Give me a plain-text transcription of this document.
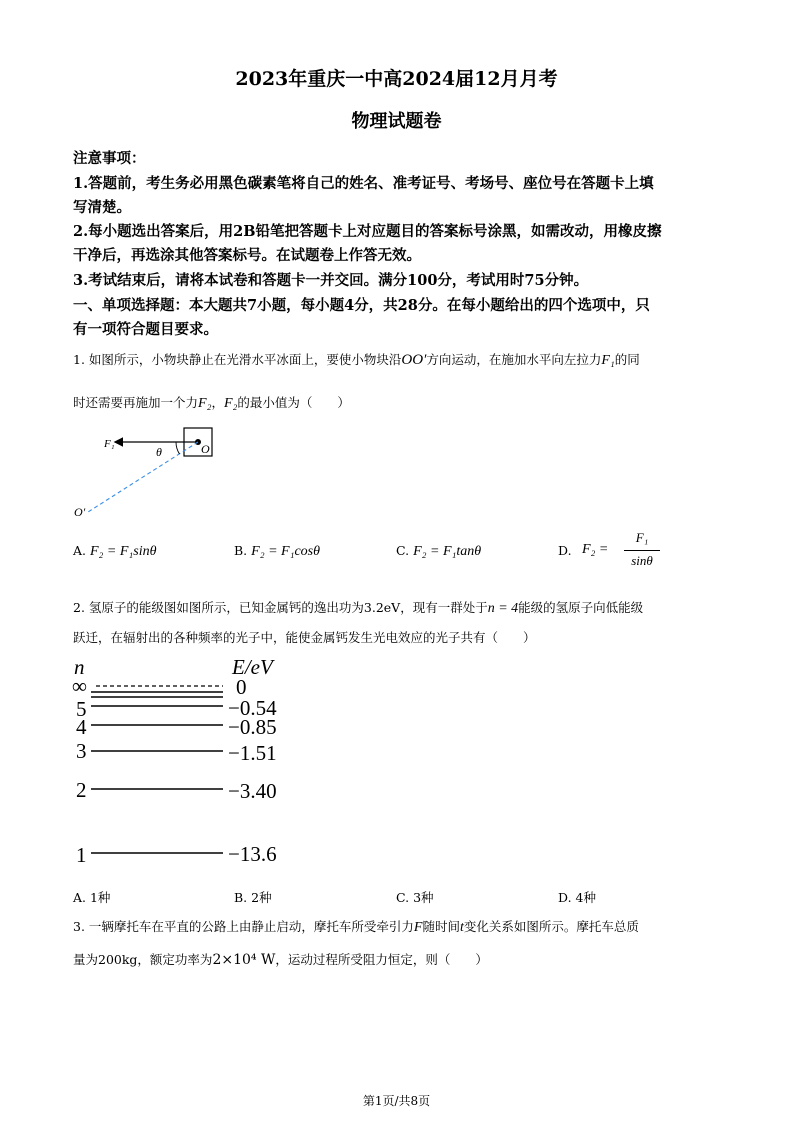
2023年重庆一中高2024届12月月考
物理试题卷
注意事项：
1.答题前，考生务必用黑色碳素笔将自己的姓名、准考证号、考场号、座位号在答题卡上填
写清楚。
2.每小题选出答案后，用2B铅笔把答题卡上对应题目的答案标号涂黑，如需改动，用橡皮擦
干净后，再选涂其他答案标号。在试题卷上作答无效。
3.考试结束后，请将本试卷和答题卡一并交回。满分100分，考试用时75分钟。
一、单项选择题：本大题共7小题，每小题4分，共28分。在每小题给出的四个选项中，只
有一项符合题目要求。
1. 如图所示，小物块静止在光滑水平冰面上，要使小物块沿OO′方向运动，在施加水平向左拉力F₁的同
时还需要再施加一个力F₂，F₂的最小值为（　　）
F₁
θ	O
O′
A. F₂ = F₁sinθ	B. F₂ = F₁cosθ	C. F₂ = F₁tanθ	D. F₂ =
F₁
sinθ
2. 氢原子的能级图如图所示，已知金属钙的逸出功为3.2eV，现有一群处于n = 4能级的氢原子向低能级
跃迁，在辐射出的各种频率的光子中，能使金属钙发生光电效应的光子共有（　　）
n	E/eV
∞	0
5	−0.54
4	−0.85
3	−1.51
2	−3.40
1	−13.6
A. 1种	B. 2种	C. 3种	D. 4种
3. 一辆摩托车在平直的公路上由静止启动，摩托车所受牵引力F随时间t变化关系如图所示。摩托车总质
量为200kg，额定功率为2×10⁴ W，运动过程所受阻力恒定，则（　　）
第1页/共8页
